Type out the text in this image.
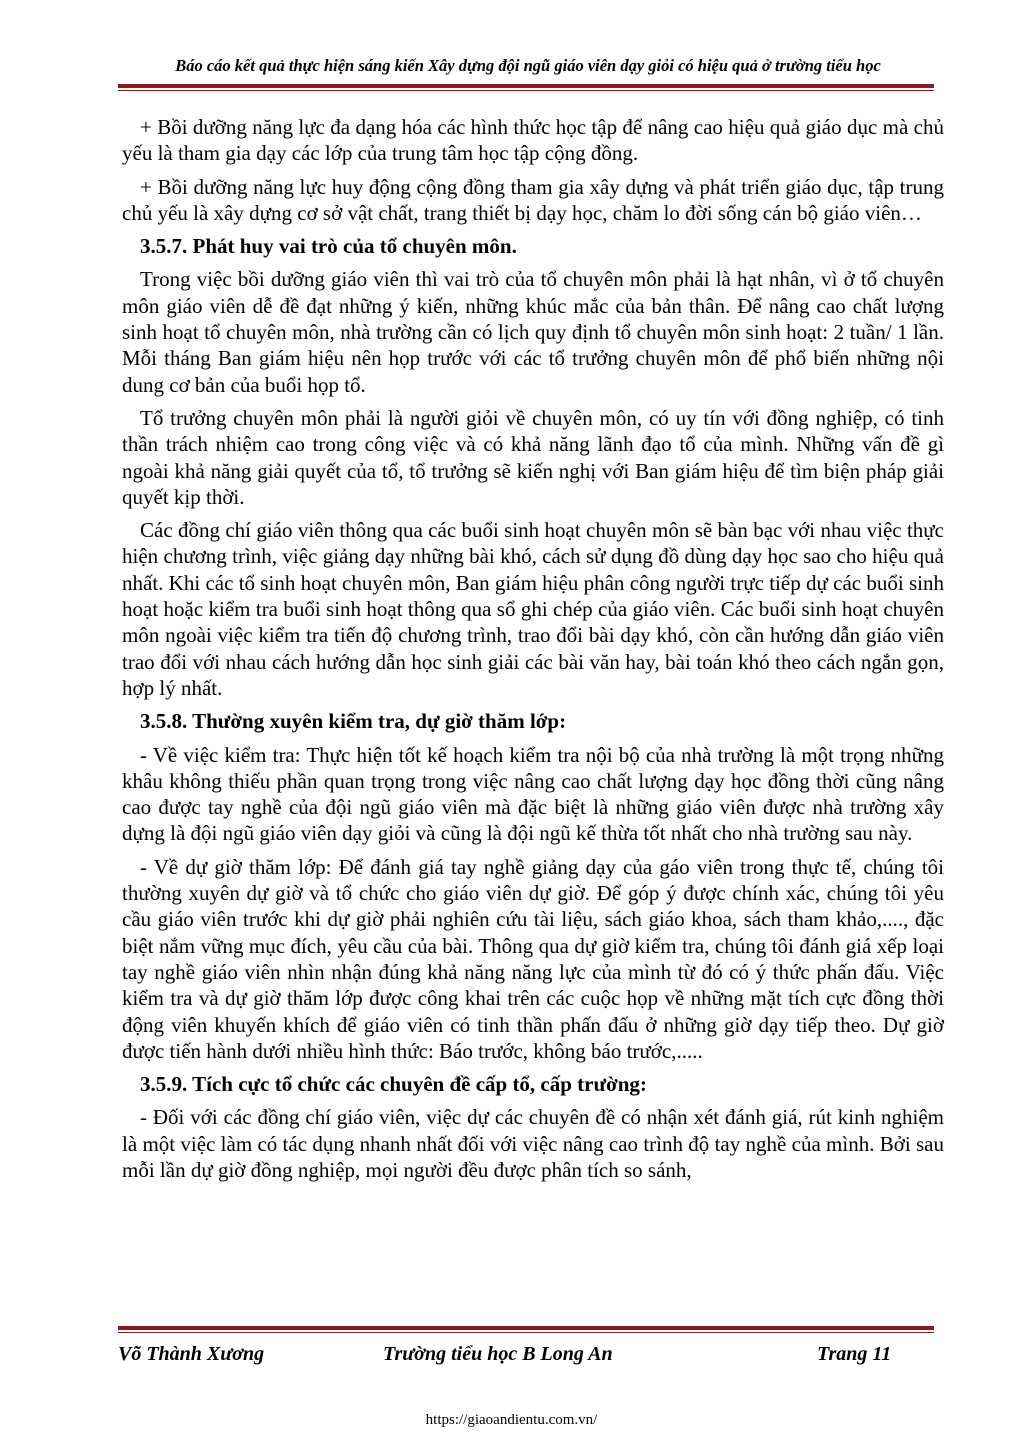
Báo cáo kết quả thực hiện sáng kiến Xây dựng đội ngũ giáo viên dạy giỏi có hiệu quả ở trường tiểu học

+ Bồi dưỡng năng lực đa dạng hóa các hình thức học tập để nâng cao hiệu quả giáo dục mà chủ yếu là tham gia dạy các lớp của trung tâm học tập cộng đồng.

+ Bồi dưỡng năng lực huy động cộng đồng tham gia xây dựng và phát triển giáo dục, tập trung chủ yếu là xây dựng cơ sở vật chất, trang thiết bị dạy học, chăm lo đời sống cán bộ giáo viên…

3.5.7. Phát huy vai trò của tổ chuyên môn.

Trong việc bồi dưỡng giáo viên thì vai trò của tổ chuyên môn phải là hạt nhân, vì ở tổ chuyên môn giáo viên dễ đề đạt những ý kiến, những khúc mắc của bản thân. Để nâng cao chất lượng sinh hoạt tổ chuyên môn, nhà trường cần có lịch quy định tổ chuyên môn sinh hoạt: 2 tuần/ 1 lần. Mỗi tháng Ban giám hiệu nên họp trước với các tổ trưởng chuyên môn để phổ biến những nội dung cơ bản của buổi họp tổ.

Tổ trưởng chuyên môn phải là người giỏi về chuyên môn, có uy tín với đồng nghiệp, có tinh thần trách nhiệm cao trong công việc và có khả năng lãnh đạo tổ của mình. Những vấn đề gì ngoài khả năng giải quyết của tổ, tổ trưởng sẽ kiến nghị với Ban giám hiệu để tìm biện pháp giải quyết kịp thời.

Các đồng chí giáo viên thông qua các buổi sinh hoạt chuyên môn sẽ bàn bạc với nhau việc thực hiện chương trình, việc giảng dạy những bài khó, cách sử dụng đồ dùng dạy học sao cho hiệu quả nhất. Khi các tổ sinh hoạt chuyên môn, Ban giám hiệu phân công người trực tiếp dự các buổi sinh hoạt hoặc kiểm tra buổi sinh hoạt thông qua sổ ghi chép của giáo viên. Các buổi sinh hoạt chuyên môn ngoài việc kiểm tra tiến độ chương trình, trao đổi bài dạy khó, còn cần hướng dẫn giáo viên trao đổi với nhau cách hướng dẫn học sinh giải các bài văn hay, bài toán khó theo cách ngắn gọn, hợp lý nhất.

3.5.8. Thường xuyên kiểm tra, dự giờ thăm lớp:

- Về việc kiểm tra: Thực hiện tốt kế hoạch kiểm tra nội bộ của nhà trường là một trọng những khâu không thiếu phần quan trọng trong việc nâng cao chất lượng dạy học đồng thời cũng nâng cao được tay nghề của đội ngũ giáo viên mà đặc biệt là những giáo viên được nhà trường xây dựng là đội ngũ giáo viên dạy giỏi và cũng là đội ngũ kế thừa tốt nhất cho nhà trường sau này.

- Về dự giờ thăm lớp: Để đánh giá tay nghề giảng dạy của gáo viên trong thực tế, chúng tôi thường xuyên dự giờ và tổ chức cho giáo viên dự giờ. Để góp ý được chính xác, chúng tôi yêu cầu giáo viên trước khi dự giờ phải nghiên cứu tài liệu, sách giáo khoa, sách tham khảo,...., đặc biệt nắm vững mục đích, yêu cầu của bài. Thông qua dự giờ kiểm tra, chúng tôi đánh giá xếp loại tay nghề giáo viên nhìn nhận đúng khả năng năng lực của mình từ đó có ý thức phấn đấu. Việc kiểm tra và dự giờ thăm lớp được công khai trên các cuộc họp về những mặt tích cực đồng thời động viên khuyến khích để giáo viên có tinh thần phấn đấu ở những giờ dạy tiếp theo. Dự giờ được tiến hành dưới nhiều hình thức: Báo trước, không báo trước,.....

3.5.9. Tích cực tổ chức các chuyên đề cấp tổ, cấp trường:

- Đối với các đồng chí giáo viên, việc dự các chuyên đề có nhận xét đánh giá, rút kinh nghiệm là một việc làm có tác dụng nhanh nhất đối với việc nâng cao trình độ tay nghề của mình. Bởi sau mỗi lần dự giờ đồng nghiệp, mọi người đều được phân tích so sánh,

Võ Thành Xương	Trường tiểu học B Long An	Trang 11
https://giaoandientu.com.vn/
